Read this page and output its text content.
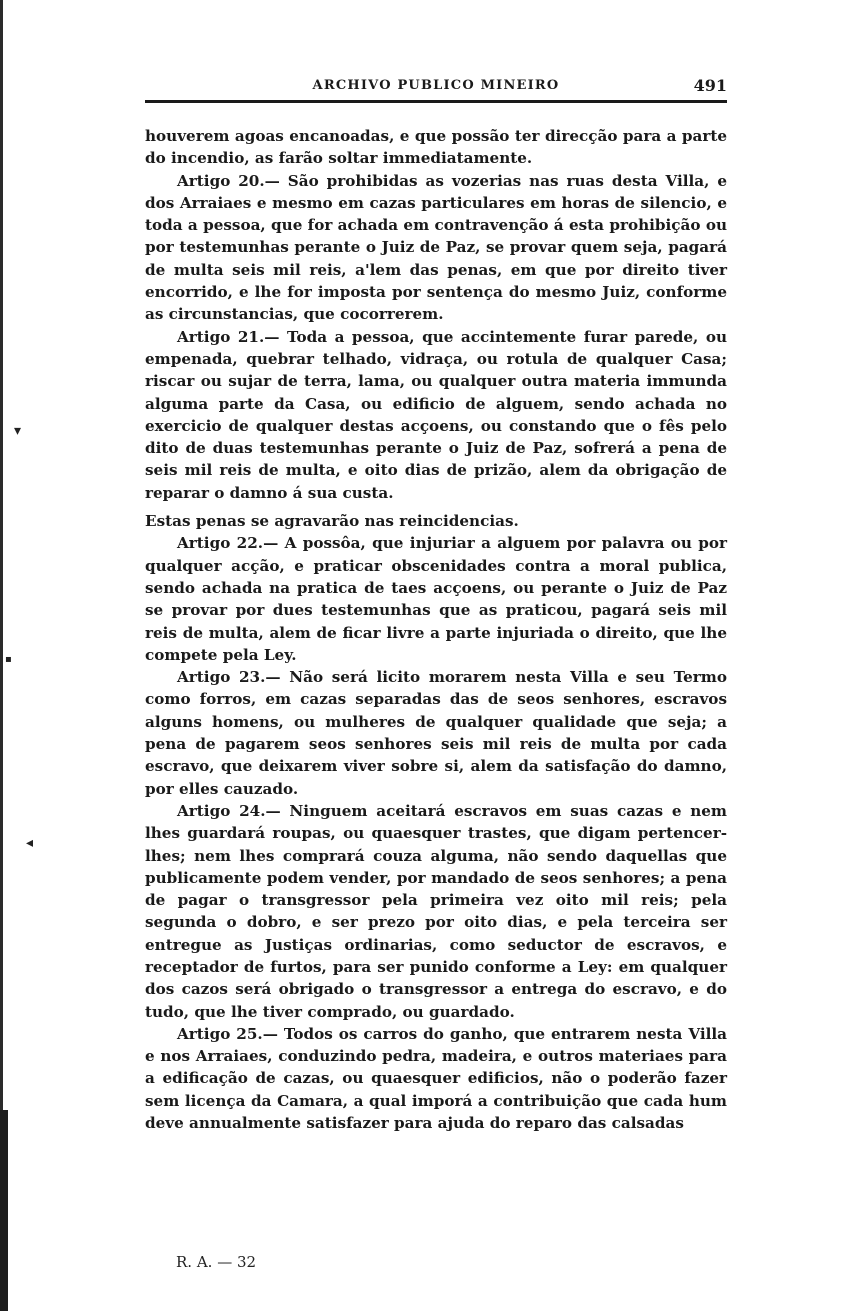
▾
▪
◂
ARCHIVO PUBLICO MINEIRO	491

houverem agoas encanoadas, e que possão ter direcção para a parte do incendio, as farão soltar immediatamente.

Artigo 20.— São prohibidas as vozerias nas ruas desta Villa, e dos Arraiaes e mesmo em cazas particulares em horas de silencio, e toda a pessoa, que for achada em contravenção á esta prohibição ou por testemunhas perante o Juiz de Paz, se provar quem seja, pagará de multa seis mil reis, a'lem das penas, em que por direito tiver encorrido, e lhe for imposta por sentença do mesmo Juiz, conforme as circunstancias, que cocorrerem.

Artigo 21.— Toda a pessoa, que accintemente furar parede, ou empenada, quebrar telhado, vidraça, ou rotula de qualquer Casa; riscar ou sujar de terra, lama, ou qualquer outra materia immunda alguma parte da Casa, ou edificio de alguem, sendo achada no exercicio de qualquer destas acçoens, ou constando que o fês pelo dito de duas testemunhas perante o Juiz de Paz, sofrerá a pena de seis mil reis de multa, e oito dias de prizão, alem da obrigação de reparar o damno á sua custa.

Estas penas se agravarão nas reincidencias.

Artigo 22.— A possôa, que injuriar a alguem por palavra ou por qualquer acção, e praticar obscenidades contra a moral publica, sendo achada na pratica de taes acçoens, ou perante o Juiz de Paz se provar por dues testemunhas que as praticou, pagará seis mil reis de multa, alem de ficar livre a parte injuriada o direito, que lhe compete pela Ley.

Artigo 23.— Não será licito morarem nesta Villa e seu Termo como forros, em cazas separadas das de seos senhores, escravos alguns homens, ou mulheres de qualquer qualidade que seja; a pena de pagarem seos senhores seis mil reis de multa por cada escravo, que deixarem viver sobre si, alem da satisfação do damno, por elles cauzado.

Artigo 24.— Ninguem aceitará escravos em suas cazas e nem lhes guardará roupas, ou quaesquer trastes, que digam pertencer-lhes; nem lhes comprará couza alguma, não sendo daquellas que publicamente podem vender, por mandado de seos senhores; a pena de pagar o transgressor pela primeira vez oito mil reis; pela segunda o dobro, e ser prezo por oito dias, e pela terceira ser entregue as Justiças ordinarias, como seductor de escravos, e receptador de furtos, para ser punido conforme a Ley: em qualquer dos cazos será obrigado o transgressor a entrega do escravo, e do tudo, que lhe tiver comprado, ou guardado.

Artigo 25.— Todos os carros do ganho, que entrarem nesta Villa e nos Arraiaes, conduzindo pedra, madeira, e outros materiaes para a edificação de cazas, ou quaesquer edificios, não o poderão fazer sem licença da Camara, a qual imporá a contribuição que cada hum deve annualmente satisfazer para ajuda do reparo das calsadas

R. A. — 32
